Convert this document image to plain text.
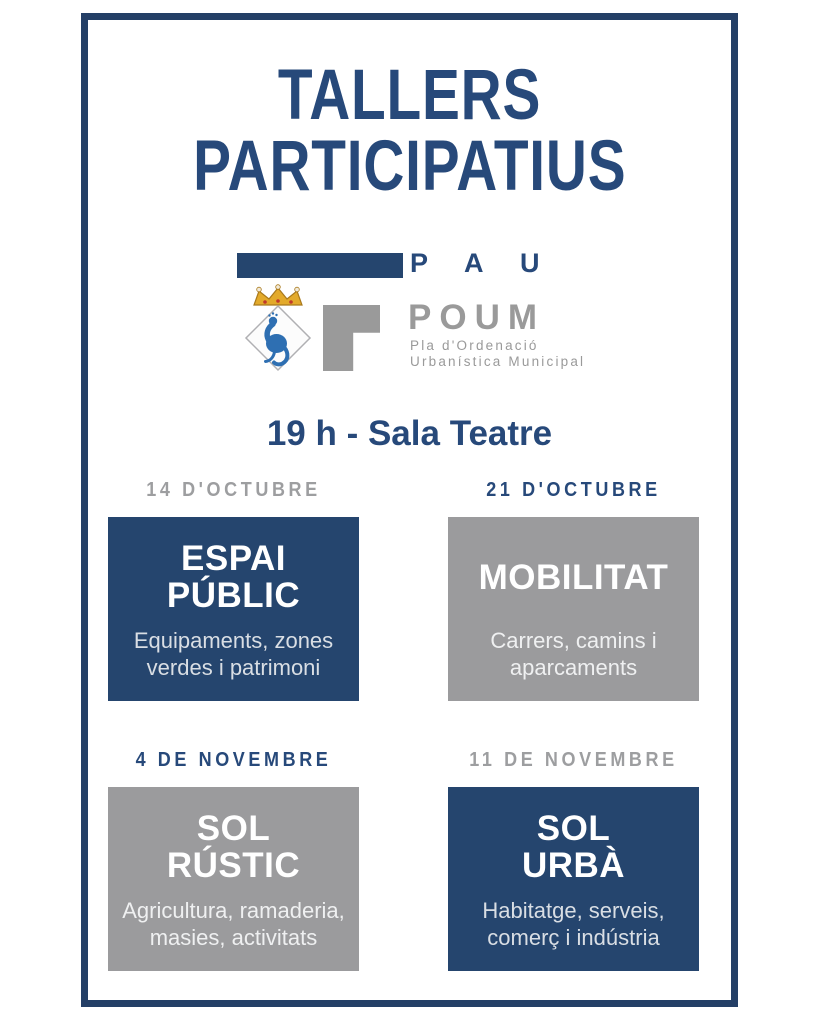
TALLERS
PARTICIPATIUS
P A U
POUM
Pla d'Ordenació
Urbanística Municipal
19 h - Sala Teatre
14 D'OCTUBRE
ESPAI
PÚBLIC
Equipaments, zones
verdes i patrimoni
21 D'OCTUBRE
MOBILITAT
Carrers, camins i
aparcaments
4 DE NOVEMBRE
SOL
RÚSTIC
Agricultura, ramaderia,
masies, activitats
11 DE NOVEMBRE
SOL
URBÀ
Habitatge, serveis,
comerç i indústria
